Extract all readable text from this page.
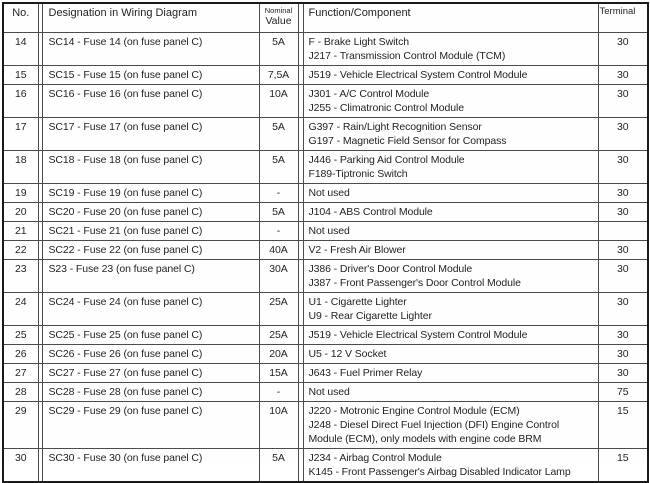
No.		Designation in Wiring Diagram	Nominal
Value		Function/Component	Terminal
14		SC14 - Fuse 14 (on fuse panel C)	5A		F - Brake Light Switch
J217 - Transmission Control Module (TCM)	30
15		SC15 - Fuse 15 (on fuse panel C)	7,5A		J519 - Vehicle Electrical System Control Module	30
16		SC16 - Fuse 16 (on fuse panel C)	10A		J301 - A/C Control Module
J255 - Climatronic Control Module	30
17		SC17 - Fuse 17 (on fuse panel C)	5A		G397 - Rain/Light Recognition Sensor
G197 - Magnetic Field Sensor for Compass	30
18		SC18 - Fuse 18 (on fuse panel C)	5A		J446 - Parking Aid Control Module
F189-Tiptronic Switch	30
19		SC19 - Fuse 19 (on fuse panel C)	-		Not used	30
20		SC20 - Fuse 20 (on fuse panel C)	5A		J104 - ABS Control Module	30
21		SC21 - Fuse 21 (on fuse panel C)	-		Not used	

22		SC22 - Fuse 22 (on fuse panel C)	40A		V2 - Fresh Air Blower	30
23		S23 - Fuse 23 (on fuse panel C)	30A		J386 - Driver's Door Control Module
J387 - Front Passenger's Door Control Module	30
24		SC24 - Fuse 24 (on fuse panel C)	25A		U1 - Cigarette Lighter
U9 - Rear Cigarette Lighter	30
25		SC25 - Fuse 25 (on fuse panel C)	25A		J519 - Vehicle Electrical System Control Module	30
26		SC26 - Fuse 26 (on fuse panel C)	20A		U5 - 12 V Socket	30
27		SC27 - Fuse 27 (on fuse panel C)	15A		J643 - Fuel Primer Relay	30
28		SC28 - Fuse 28 (on fuse panel C)	-		Not used	75
29		SC29 - Fuse 29 (on fuse panel C)	10A		J220 - Motronic Engine Control Module (ECM)
J248 - Diesel Direct Fuel Injection (DFI) Engine Control Module (ECM), only models with engine code BRM	15
30		SC30 - Fuse 30 (on fuse panel C)	5A		J234 - Airbag Control Module
K145 - Front Passenger's Airbag Disabled Indicator Lamp	15
